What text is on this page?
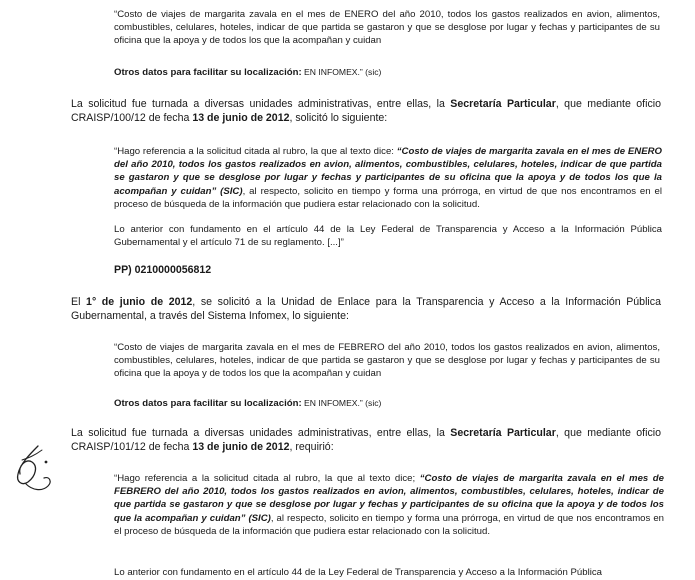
“Costo de viajes de margarita zavala en el mes de ENERO del año 2010, todos los gastos realizados en avion, alimentos, combustibles, celulares, hoteles, indicar de que partida se gastaron y que se desglose por lugar y fechas y participantes de su oficina que la apoya y de todos los que la acompañan y cuidan

Otros datos para facilitar su localización: EN INFOMEX.” (sic)

La solicitud fue turnada a diversas unidades administrativas, entre ellas, la Secretaría Particular, que mediante oficio CRAISP/100/12 de fecha 13 de junio de 2012, solicitó lo siguiente:

“Hago referencia a la solicitud citada al rubro, la que al texto dice: “Costo de viajes de margarita zavala en el mes de ENERO del año 2010, todos los gastos realizados en avion, alimentos, combustibles, celulares, hoteles, indicar de que partida se gastaron y que se desglose por lugar y fechas y participantes de su oficina que la apoya y de todos los que la acompañan y cuidan” (SIC), al respecto, solicito en tiempo y forma una prórroga, en virtud de que nos encontramos en el proceso de búsqueda de la información que pudiera estar relacionado con la solicitud.

Lo anterior con fundamento en el artículo 44 de la Ley Federal de Transparencia y Acceso a la Información Pública Gubernamental y el artículo 71 de su reglamento. [...]”

PP) 0210000056812

El 1° de junio de 2012, se solicitó a la Unidad de Enlace para la Transparencia y Acceso a la Información Pública Gubernamental, a través del Sistema Infomex, lo siguiente:

“Costo de viajes de margarita zavala en el mes de FEBRERO del año 2010, todos los gastos realizados en avion, alimentos, combustibles, celulares, hoteles, indicar de que partida se gastaron y que se desglose por lugar y fechas y participantes de su oficina que la apoya y de todos los que la acompañan y cuidan

Otros datos para facilitar su localización: EN INFOMEX.” (sic)

La solicitud fue turnada a diversas unidades administrativas, entre ellas, la Secretaría Particular, que mediante oficio CRAISP/101/12 de fecha 13 de junio de 2012, requirió:

“Hago referencia a la solicitud citada al rubro, la que al texto dice; “Costo de viajes de margarita zavala en el mes de FEBRERO del año 2010, todos los gastos realizados en avion, alimentos, combustibles, celulares, hoteles, indicar de que partida se gastaron y que se desglose por lugar y fechas y participantes de su oficina que la apoya y de todos los que la acompañan y cuidan” (SIC), al respecto, solicito en tiempo y forma una prórroga, en virtud de que nos encontramos en el proceso de búsqueda de la información que pudiera estar relacionado con la solicitud.

Lo anterior con fundamento en el artículo 44 de la Ley Federal de Transparencia y Acceso a la Información Pública
